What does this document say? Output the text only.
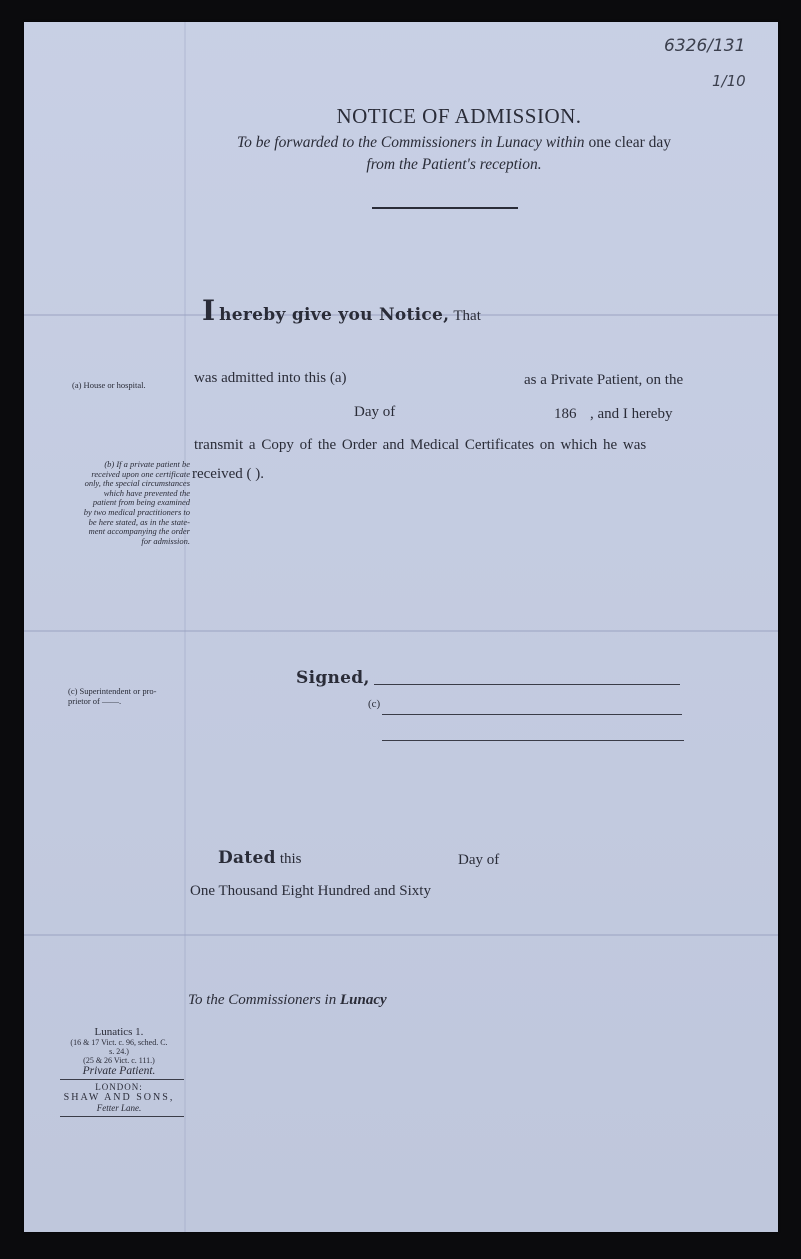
NOTICE OF ADMISSION.
To be forwarded to the Commissioners in Lunacy within one clear day
from the Patient's reception.
I hereby give you Notice, That
was admitted into this (a)	as a Private Patient, on the
Day of	186 , and I hereby
transmit a Copy of the Order and Medical Certificates on which he was
received ( ).
(a) House or hospital.
(b) If a private patient be
received upon one certificate
only, the special circumstances
which have prevented the
patient from being examined
by two medical practitioners to
be here stated, as in the state-
ment accompanying the order
for admission.
(c) Superintendent or pro-
prietor of ——.
Signed,
(c)
Dated this	Day of
One Thousand Eight Hundred and Sixty
To the Commissioners in Lunacy
Lunatics 1.
(16 & 17 Vict. c. 96, sched. C.
s. 24.)
(25 & 26 Vict. c. 111.)
Private Patient.
LONDON:
SHAW AND SONS,
Fetter Lane.
6326/131
1/10
